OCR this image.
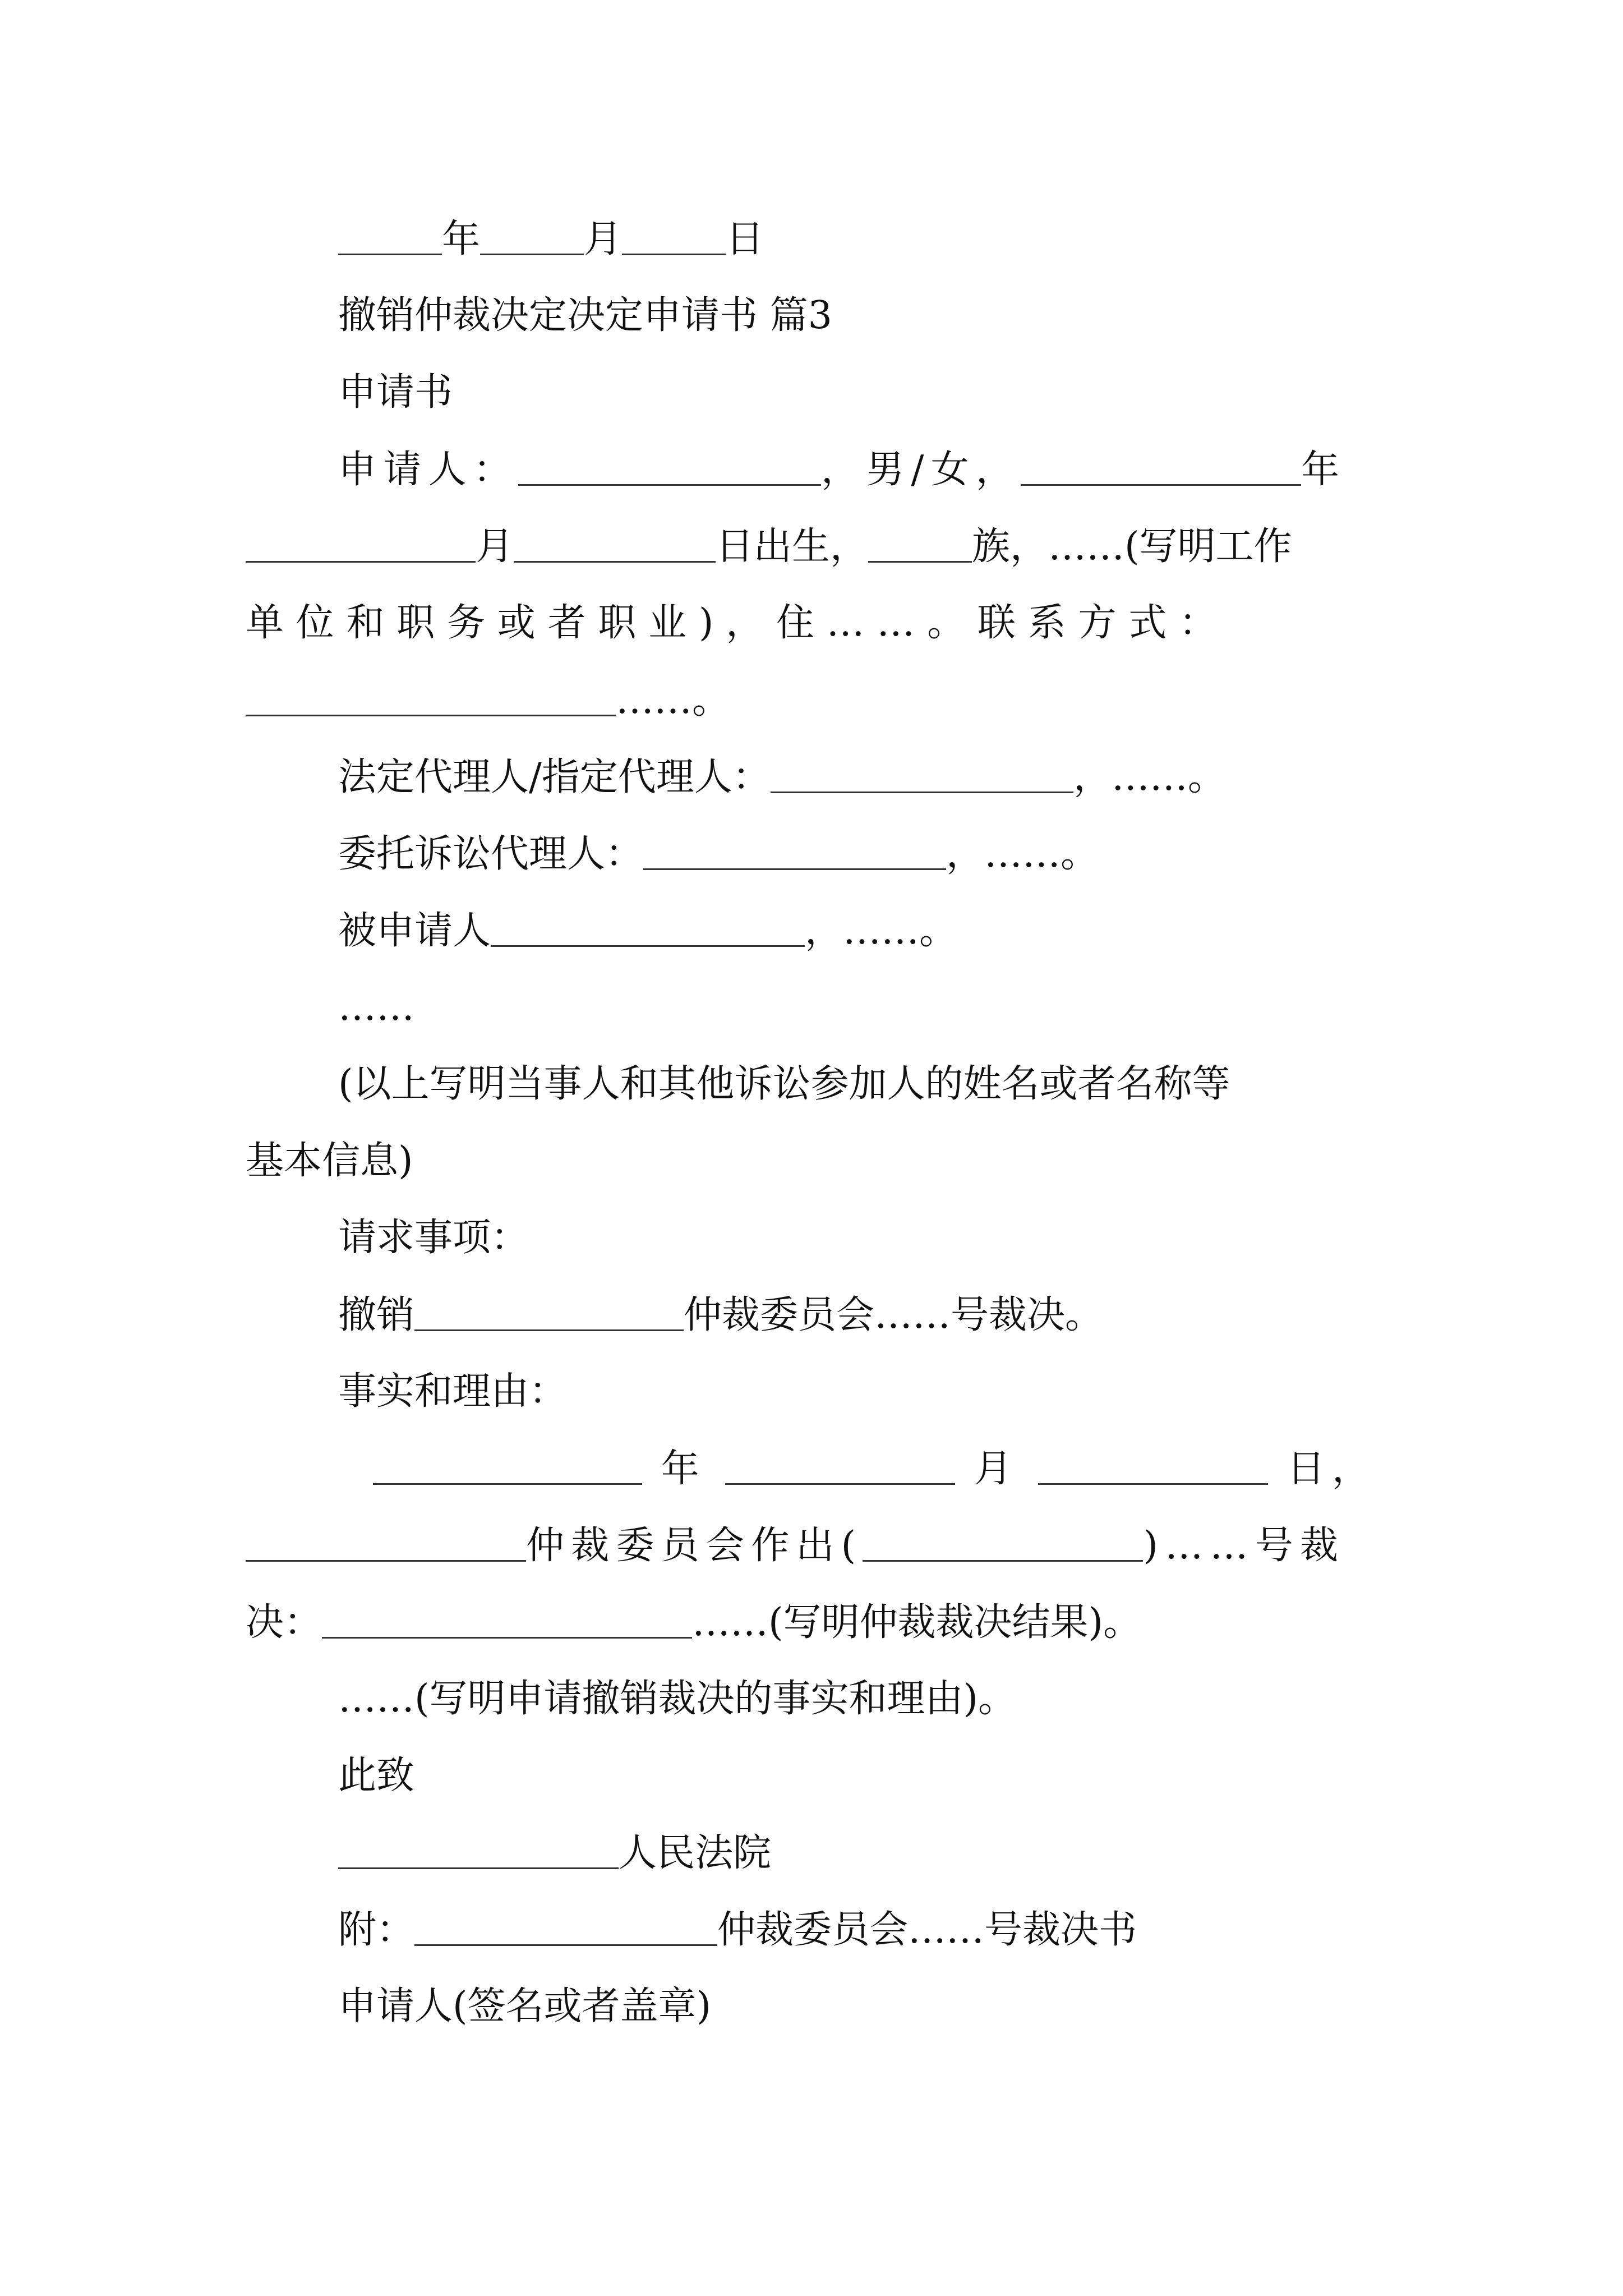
年	月	日
撤销仲裁决定决定申请书 篇3
申请书
申请人：	，男/女，	年
月	日出生，	族，……(写明工作
单位和职务或者职业)，住……。联系方式：
……。
法定代理人/指定代理人：	，……。
委托诉讼代理人：	，……。
被申请人	，……。
……
(以上写明当事人和其他诉讼参加人的姓名或者名称等
基本信息)
请求事项：
撤销	仲裁委员会……号裁决。
事实和理由：
年	月	日，
仲裁委员会作出(	)……号裁
决：	……(写明仲裁裁决结果)。
……(写明申请撤销裁决的事实和理由)。
此致
人民法院
附：	仲裁委员会……号裁决书
申请人(签名或者盖章)
